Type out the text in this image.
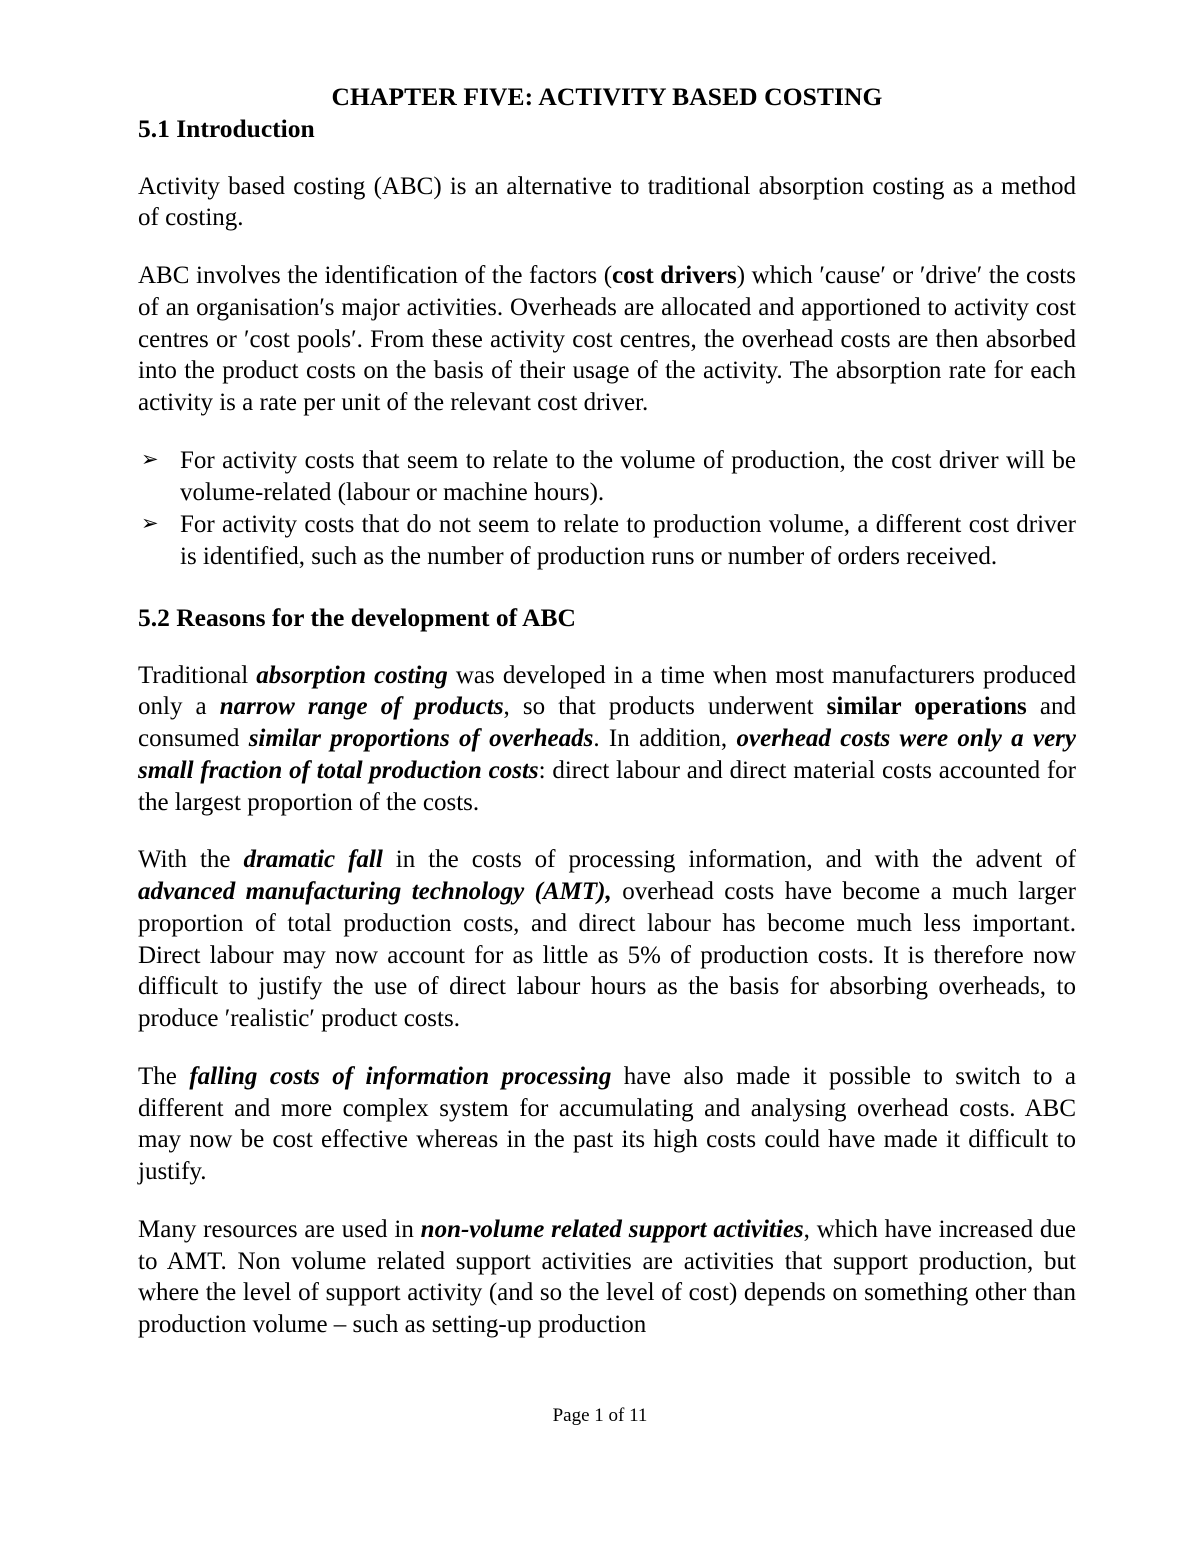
CHAPTER FIVE: ACTIVITY BASED COSTING
5.1 Introduction

Activity based costing (ABC) is an alternative to traditional absorption costing as a method of costing.

ABC involves the identification of the factors (cost drivers) which ′cause′ or ′drive′ the costs of an organisation′s major activities. Overheads are allocated and apportioned to activity cost centres or ′cost pools′. From these activity cost centres, the overhead costs are then absorbed into the product costs on the basis of their usage of the activity. The absorption rate for each activity is a rate per unit of the relevant cost driver.

➢ For activity costs that seem to relate to the volume of production, the cost driver will be volume-related (labour or machine hours).
➢ For activity costs that do not seem to relate to production volume, a different cost driver is identified, such as the number of production runs or number of orders received.
5.2 Reasons for the development of ABC

Traditional absorption costing was developed in a time when most manufacturers produced only a narrow range of products, so that products underwent similar operations and consumed similar proportions of overheads. In addition, overhead costs were only a very small fraction of total production costs: direct labour and direct material costs accounted for the largest proportion of the costs.

With the dramatic fall in the costs of processing information, and with the advent of advanced manufacturing technology (AMT), overhead costs have become a much larger proportion of total production costs, and direct labour has become much less important. Direct labour may now account for as little as 5% of production costs. It is therefore now difficult to justify the use of direct labour hours as the basis for absorbing overheads, to produce ′realistic′ product costs.

The falling costs of information processing have also made it possible to switch to a different and more complex system for accumulating and analysing overhead costs. ABC may now be cost effective whereas in the past its high costs could have made it difficult to justify.

Many resources are used in non-volume related support activities, which have increased due to AMT. Non volume related support activities are activities that support production, but where the level of support activity (and so the level of cost) depends on something other than production volume – such as setting-up production

Page 1 of 11
